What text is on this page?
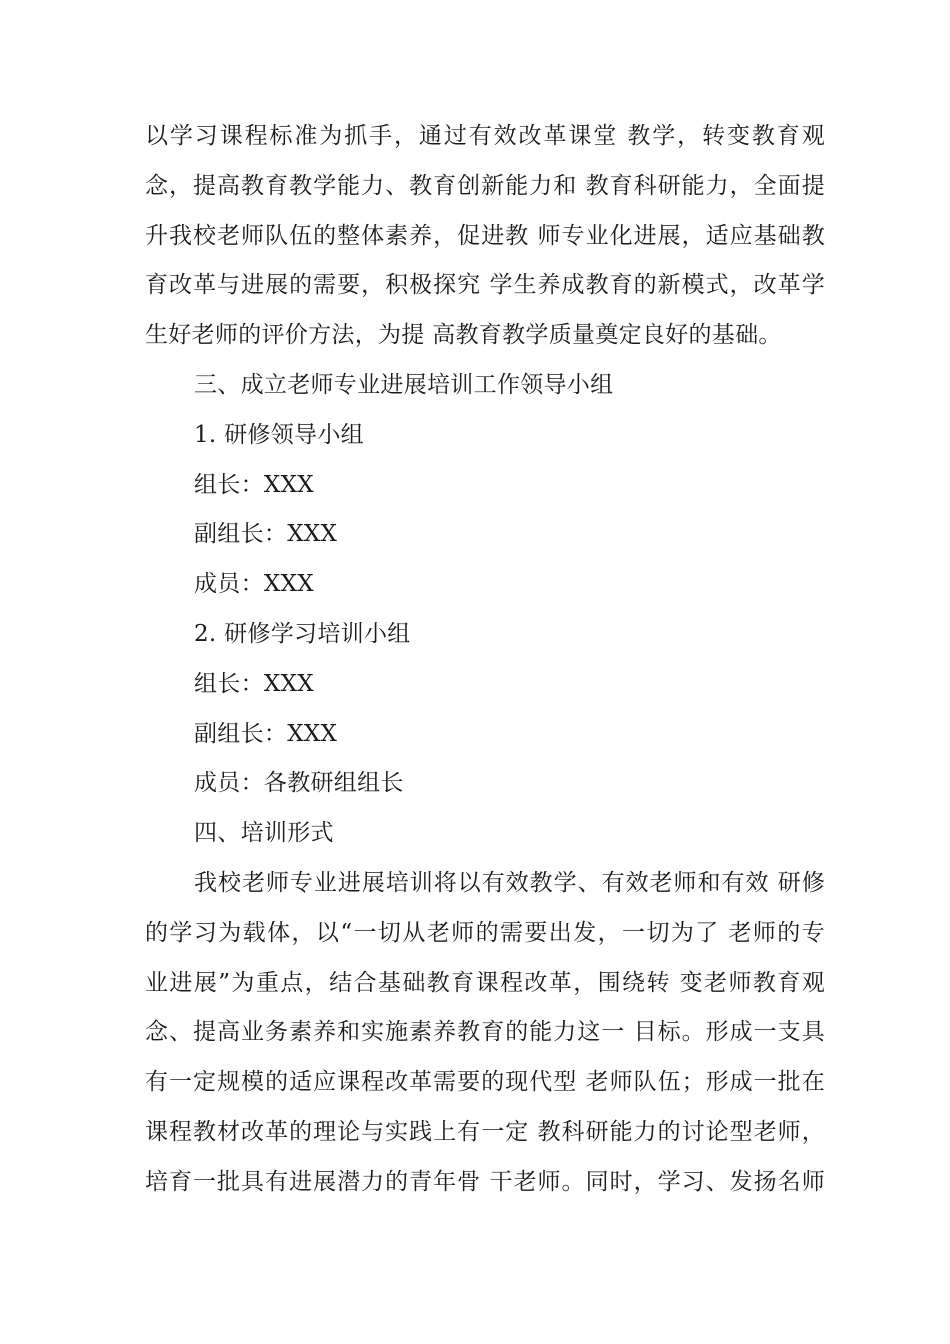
以学习课程标准为抓手，通过有效改革课堂 教学，转变教育观
念，提高教育教学能力、教育创新能力和 教育科研能力，全面提
升我校老师队伍的整体素养，促进教 师专业化进展，适应基础教
育改革与进展的需要，积极探究 学生养成教育的新模式，改革学
生好老师的评价方法，为提 高教育教学质量奠定良好的基础。
三、成立老师专业进展培训工作领导小组
1. 研修领导小组
组长：XXX
副组长：XXX
成员：XXX
2. 研修学习培训小组
组长：XXX
副组长：XXX
成员：各教研组组长
四、培训形式
我校老师专业进展培训将以有效教学、有效老师和有效 研修
的学习为载体，以“一切从老师的需要出发，一切为了 老师的专
业进展”为重点，结合基础教育课程改革，围绕转 变老师教育观
念、提高业务素养和实施素养教育的能力这一 目标。形成一支具
有一定规模的适应课程改革需要的现代型 老师队伍；形成一批在
课程教材改革的理论与实践上有一定 教科研能力的讨论型老师，
培育一批具有进展潜力的青年骨 干老师。同时，学习、发扬名师
